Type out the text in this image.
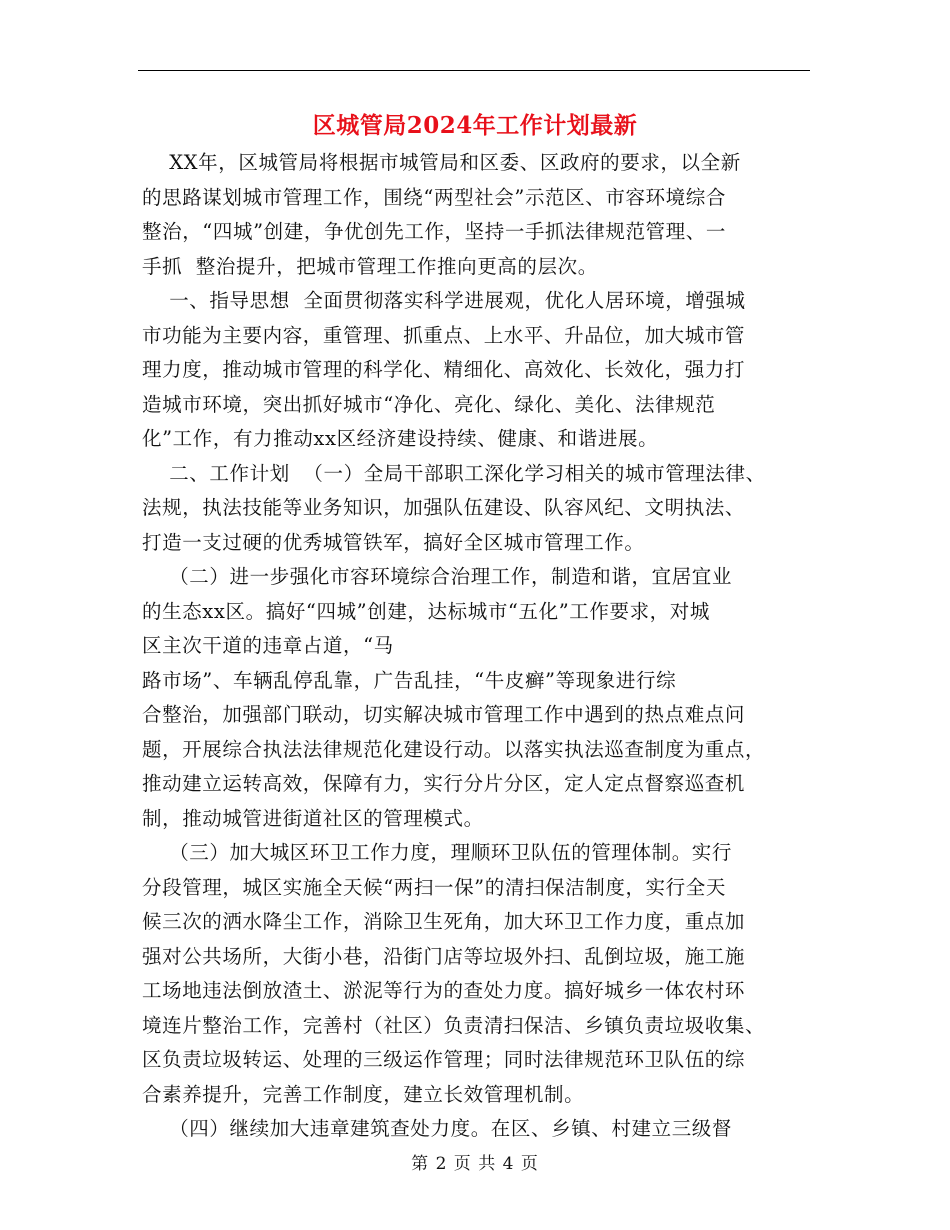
区城管局2024年工作计划最新
XX年，区城管局将根据市城管局和区委、区政府的要求，以全新
的思路谋划城市管理工作，围绕“两型社会”示范区、市容环境综合
整治，“四城”创建，争优创先工作，坚持一手抓法律规范管理、一
手抓  整治提升，把城市管理工作推向更高的层次。
一、指导思想  全面贯彻落实科学进展观，优化人居环境，增强城
市功能为主要内容，重管理、抓重点、上水平、升品位，加大城市管
理力度，推动城市管理的科学化、精细化、高效化、长效化，强力打
造城市环境，突出抓好城市“净化、亮化、绿化、美化、法律规范
化”工作，有力推动xx区经济建设持续、健康、和谐进展。
二、工作计划  （一）全局干部职工深化学习相关的城市管理法律、
法规，执法技能等业务知识，加强队伍建设、队容风纪、文明执法、
打造一支过硬的优秀城管铁军，搞好全区城市管理工作。
（二）进一步强化市容环境综合治理工作，制造和谐，宜居宜业
的生态xx区。搞好“四城”创建，达标城市“五化”工作要求，对城
区主次干道的违章占道，“马
路市场”、车辆乱停乱靠，广告乱挂，“牛皮癣”等现象进行综
合整治，加强部门联动，切实解决城市管理工作中遇到的热点难点问
题，开展综合执法法律规范化建设行动。以落实执法巡查制度为重点，
推动建立运转高效，保障有力，实行分片分区，定人定点督察巡查机
制，推动城管进街道社区的管理模式。
（三）加大城区环卫工作力度，理顺环卫队伍的管理体制。实行
分段管理，城区实施全天候“两扫一保”的清扫保洁制度，实行全天
候三次的洒水降尘工作，消除卫生死角，加大环卫工作力度，重点加
强对公共场所，大街小巷，沿街门店等垃圾外扫、乱倒垃圾，施工施
工场地违法倒放渣土、淤泥等行为的查处力度。搞好城乡一体农村环
境连片整治工作，完善村（社区）负责清扫保洁、乡镇负责垃圾收集、
区负责垃圾转运、处理的三级运作管理；同时法律规范环卫队伍的综
合素养提升，完善工作制度，建立长效管理机制。
（四）继续加大违章建筑查处力度。在区、乡镇、村建立三级督
第 2 页 共 4 页
